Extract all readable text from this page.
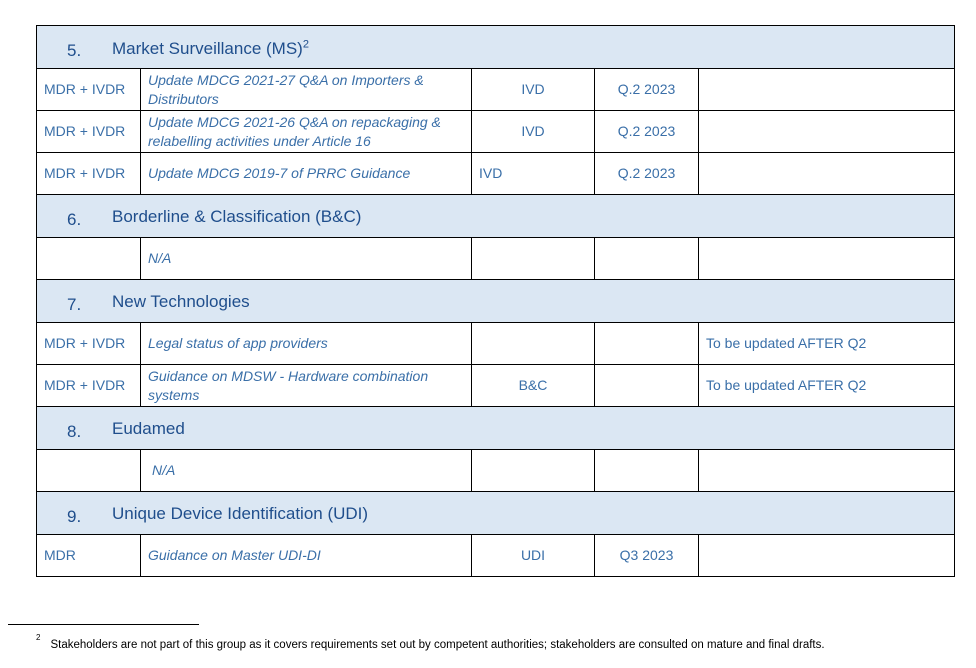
5. Market Surveillance (MS)$^2$
MDR + IVDR	Update MDCG 2021-27 Q&A on Importers & Distributors	IVD	Q.2 2023	
MDR + IVDR	Update MDCG 2021-26 Q&A on repackaging & relabelling activities under Article 16	IVD	Q.2 2023	
MDR + IVDR	Update MDCG 2019-7 of PRRC Guidance	IVD	Q.2 2023	
6. Borderline & Classification (B&C)				
	N/A			
7. New Technologies				
MDR + IVDR	Legal status of app providers			To be updated AFTER Q2
MDR + IVDR	Guidance on MDSW - Hardware combination systems	B&C		To be updated AFTER Q2
8. Eudamed				
	N/A			
9. Unique Device Identification (UDI)				
MDR	Guidance on Master UDI-DI	UDI	Q3 2023	
$^2$Stakeholders are not part of this group as it covers requirements set out by competent authorities; stakeholders are consulted on mature and final drafts.
